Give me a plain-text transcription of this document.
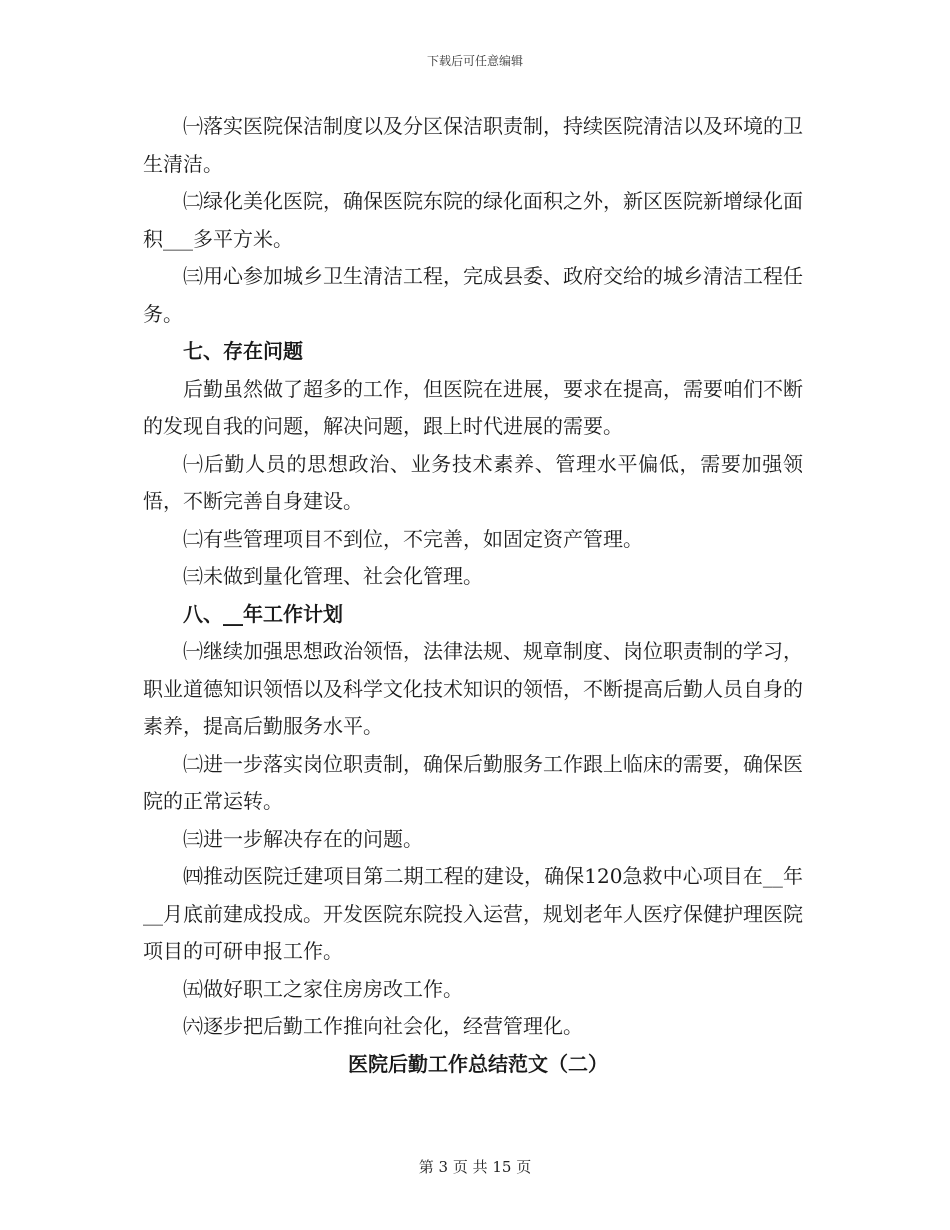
下载后可任意编辑

㈠落实医院保洁制度以及分区保洁职责制，持续医院清洁以及环境的卫生清洁。

㈡绿化美化医院，确保医院东院的绿化面积之外，新区医院新增绿化面积___多平方米。

㈢用心参加城乡卫生清洁工程，完成县委、政府交给的城乡清洁工程任务。

七、存在问题

后勤虽然做了超多的工作，但医院在进展，要求在提高，需要咱们不断的发现自我的问题，解决问题，跟上时代进展的需要。

㈠后勤人员的思想政治、业务技术素养、管理水平偏低，需要加强领悟，不断完善自身建设。

㈡有些管理项目不到位，不完善，如固定资产管理。

㈢未做到量化管理、社会化管理。

八、__年工作计划

㈠继续加强思想政治领悟，法律法规、规章制度、岗位职责制的学习，职业道德知识领悟以及科学文化技术知识的领悟，不断提高后勤人员自身的素养，提高后勤服务水平。

㈡进一步落实岗位职责制，确保后勤服务工作跟上临床的需要，确保医院的正常运转。

㈢进一步解决存在的问题。

㈣推动医院迁建项目第二期工程的建设，确保120急救中心项目在__年__月底前建成投成。开发医院东院投入运营，规划老年人医疗保健护理医院项目的可研申报工作。

㈤做好职工之家住房房改工作。

㈥逐步把后勤工作推向社会化，经营管理化。

医院后勤工作总结范文（二）

第 3 页 共 15 页
